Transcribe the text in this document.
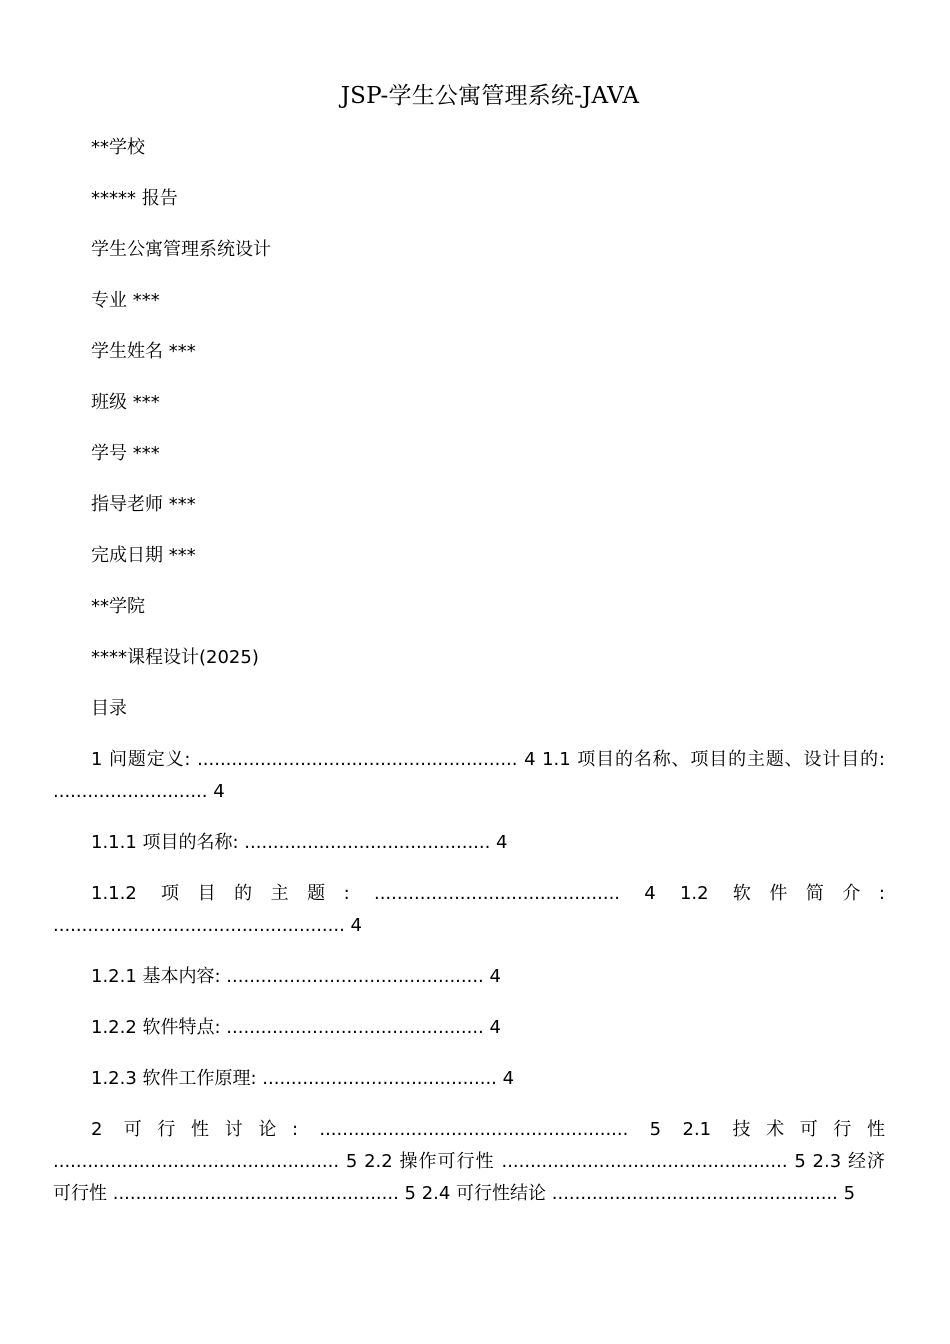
JSP-学生公寓管理系统-JAVA
**学校
***** 报告
学生公寓管理系统设计
专业 ***
学生姓名 ***
班级 ***
学号 ***
指导老师 ***
完成日期 ***
**学院
****课程设计(2025)
目录
1 问题定义: ........................................................ 4 1.1 项目的名称、项目的主题、设计目的: ........................... 4
1.1.1 项目的名称: ........................................... 4
1.1.2 项目的主题: ........................................... 4 1.2 软件简介: ................................................... 4
1.2.1 基本内容: ............................................. 4
1.2.2 软件特点: ............................................. 4
1.2.3 软件工作原理: ......................................... 4
2 可行性讨论: ...................................................... 5 2.1 技术可行性 .................................................. 5 2.2 操作可行性 .................................................. 5 2.3 经济可行性 .................................................. 5 2.4 可行性结论 .................................................. 5
